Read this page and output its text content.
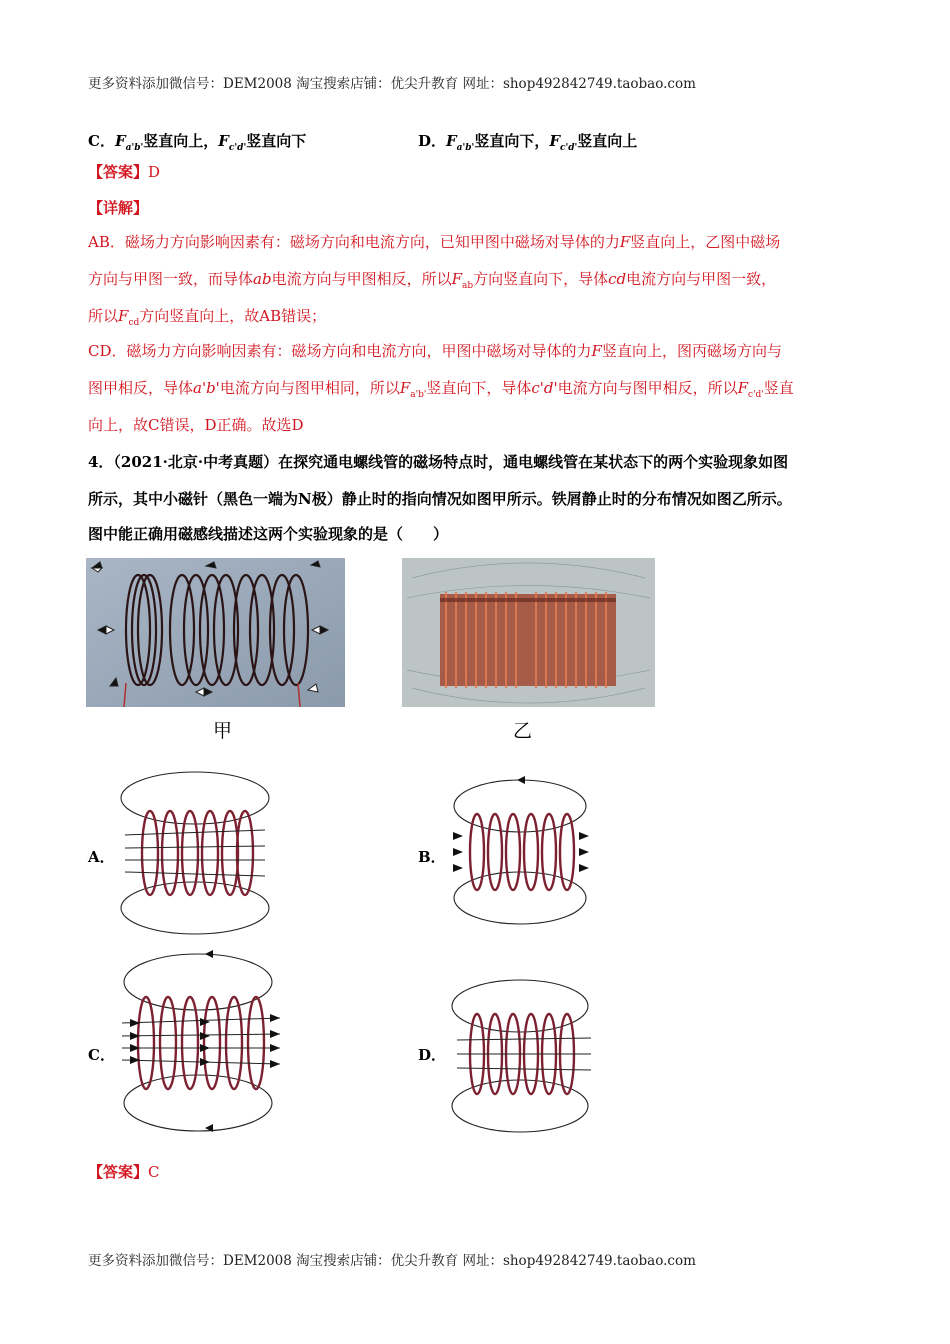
更多资料添加微信号：DEM2008 淘宝搜索店铺：优尖升教育 网址：shop492842749.taobao.com
C．$F_{a'b'}$竖直向上，$F_{c'd'}$竖直向下	D．$F_{a'b'}$竖直向下，$F_{c'd'}$竖直向上
【答案】D
【详解】
AB．磁场力方向影响因素有：磁场方向和电流方向，已知甲图中磁场对导体的力F竖直向上，乙图中磁场
方向与甲图一致，而导体ab电流方向与甲图相反，所以$F_{ab}$方向竖直向下，导体cd电流方向与甲图一致，
所以$F_{cd}$方向竖直向上，故AB错误；
CD．磁场力方向影响因素有：磁场方向和电流方向，甲图中磁场对导体的力F竖直向上，图丙磁场方向与
图甲相反，导体a'b'电流方向与图甲相同，所以$F_{a'b'}$竖直向下，导体c'd'电流方向与图甲相反，所以$F_{c'd'}$竖直
向上，故C错误，D正确。故选D
4．（2021·北京·中考真题）在探究通电螺线管的磁场特点时，通电螺线管在某状态下的两个实验现象如图
所示，其中小磁针（黑色一端为N极）静止时的指向情况如图甲所示。铁屑静止时的分布情况如图乙所示。
图中能正确用磁感线描述这两个实验现象的是（　　）
甲	乙
A．	B．
C．	D．
【答案】C
更多资料添加微信号：DEM2008 淘宝搜索店铺：优尖升教育 网址：shop492842749.taobao.com
